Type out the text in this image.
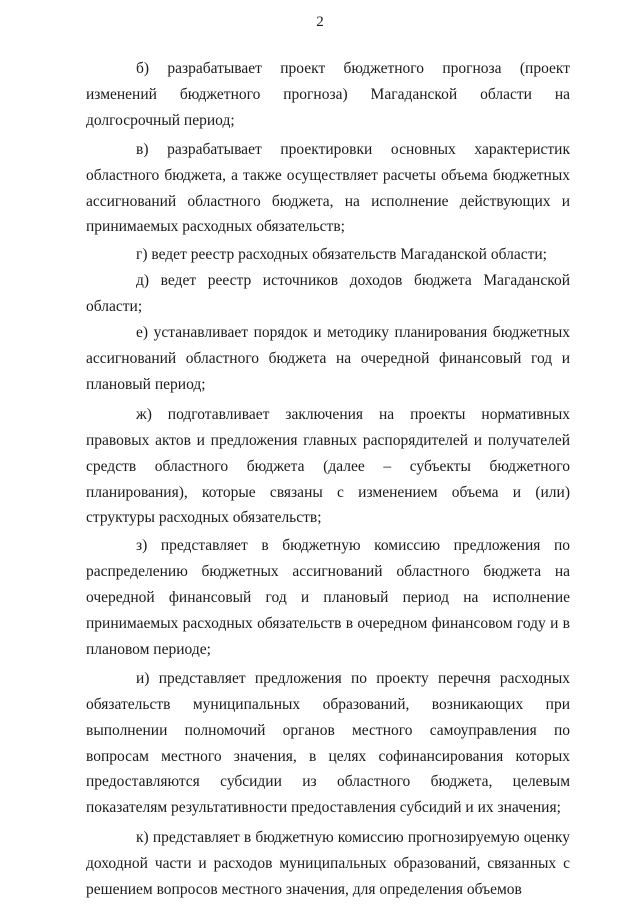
2

б) разрабатывает проект бюджетного прогноза (проект изменений бюджетного прогноза) Магаданской области на долгосрочный период;

в) разрабатывает проектировки основных характеристик областного бюджета, а также осуществляет расчеты объема бюджетных ассигнований областного бюджета, на исполнение действующих и принимаемых расходных обязательств;

г) ведет реестр расходных обязательств Магаданской области;

д) ведет реестр источников доходов бюджета Магаданской области;

е) устанавливает порядок и методику планирования бюджетных ассигнований областного бюджета на очередной финансовый год и плановый период;

ж) подготавливает заключения на проекты нормативных правовых актов и предложения главных распорядителей и получателей средств областного бюджета (далее – субъекты бюджетного планирования), которые связаны с изменением объема и (или) структуры расходных обязательств;

з) представляет в бюджетную комиссию предложения по распределению бюджетных ассигнований областного бюджета на очередной финансовый год и плановый период на исполнение принимаемых расходных обязательств в очередном финансовом году и в плановом периоде;

и) представляет предложения по проекту перечня расходных обязательств муниципальных образований, возникающих при выполнении полномочий органов местного самоуправления по вопросам местного значения, в целях софинансирования которых предоставляются субсидии из областного бюджета, целевым показателям результативности предоставления субсидий и их значения;

к) представляет в бюджетную комиссию прогнозируемую оценку доходной части и расходов муниципальных образований, связанных с решением вопросов местного значения, для определения объемов
